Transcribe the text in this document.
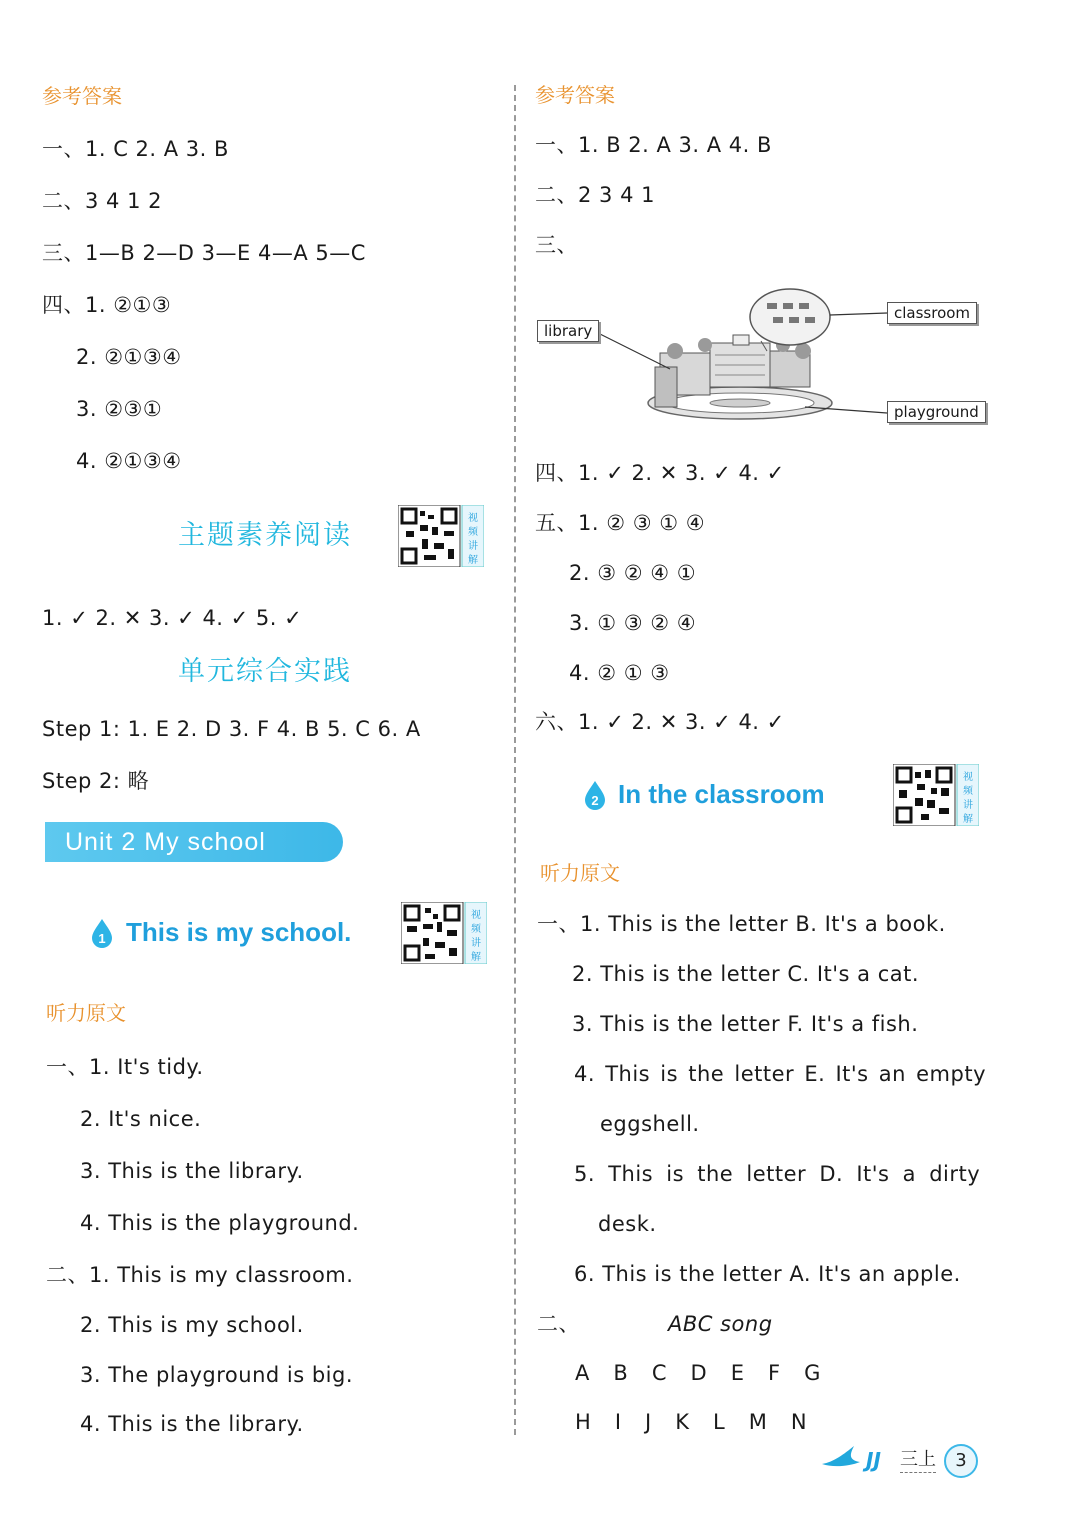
参考答案
一、1. C 2. A 3. B
二、3 4 1 2
三、1—B 2—D 3—E 4—A 5—C
四、1. ②①③
2. ②①③④
3. ②③①
4. ②①③④
主题素养阅读
视
频
讲
解
1. ✓ 2. ✕ 3. ✓ 4. ✓ 5. ✓
单元综合实践
Step 1: 1. E 2. D 3. F 4. B 5. C 6. A
Step 2: 略
Unit 2 My school
1 This is my school.
视
频
讲
解
听力原文
一、1. It's tidy.
2. It's nice.
3. This is the library.
4. This is the playground.
二、1. This is my classroom.
2. This is my school.
3. The playground is big.
4. This is the library.
参考答案
一、1. B 2. A 3. A 4. B
二、2 3 4 1
三、
library
classroom
playground
四、1. ✓ 2. ✕ 3. ✓ 4. ✓
五、1. ② ③ ① ④
2. ③ ② ④ ①
3. ① ③ ② ④
4. ② ① ③
六、1. ✓ 2. ✕ 3. ✓ 4. ✓
2 In the classroom
视
频
讲
解
听力原文
一、1. This is the letter B. It's a book.
2. This is the letter C. It's a cat.
3. This is the letter F. It's a fish.
4. This is the letter E. It's an empty
eggshell.
5. This is the letter D. It's a dirty
desk.
6. This is the letter A. It's an apple.
二、	ABC song
A   B   C   D   E   F   G
H   I   J   K   L   M   N
JJ 三上	3
